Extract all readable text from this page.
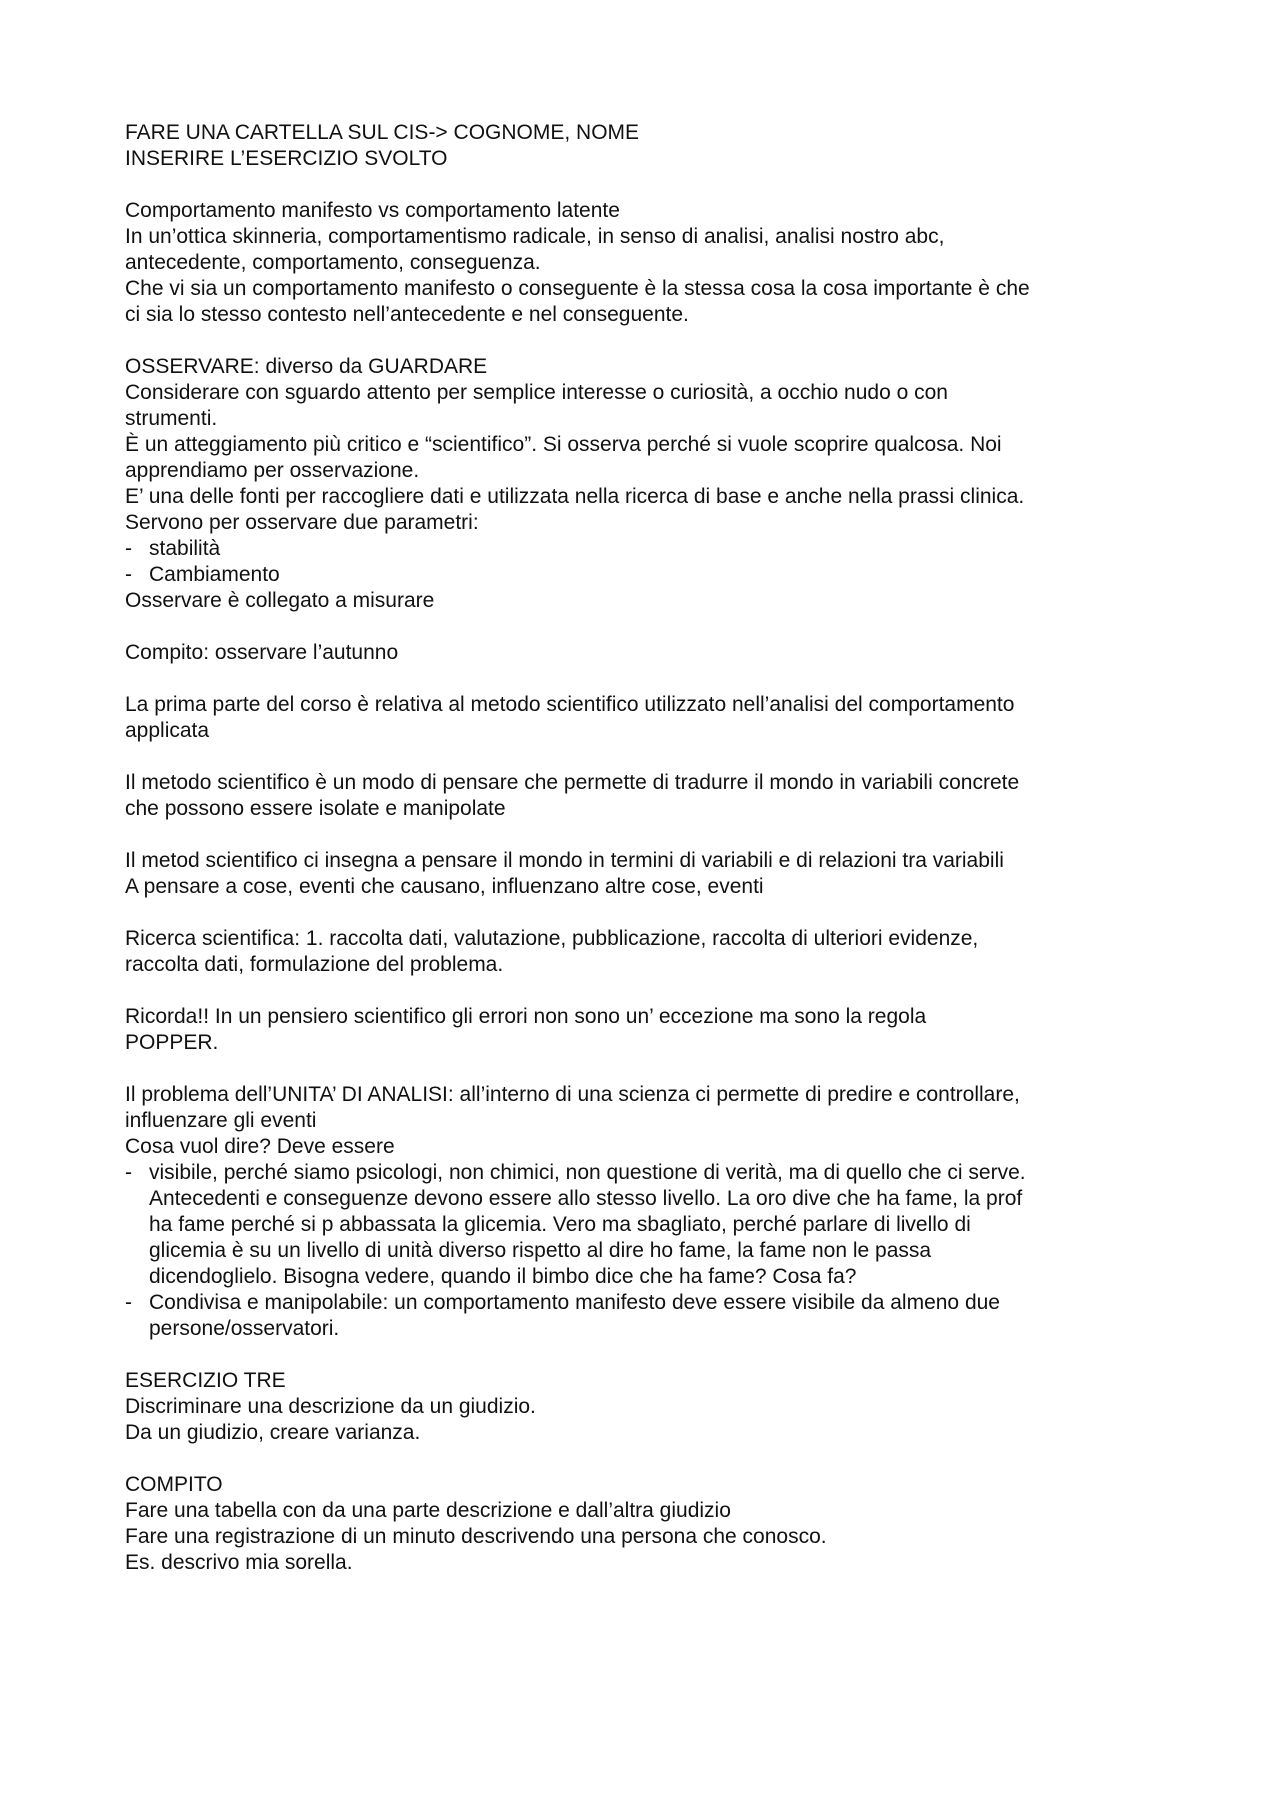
FARE UNA CARTELLA SUL CIS-> COGNOME, NOME
INSERIRE L’ESERCIZIO SVOLTO
Comportamento manifesto vs comportamento latente
In un’ottica skinneria, comportamentismo radicale, in senso di analisi, analisi nostro abc,
antecedente, comportamento, conseguenza.
Che vi sia un comportamento manifesto o conseguente è la stessa cosa la cosa importante è che
ci sia lo stesso contesto nell’antecedente e nel conseguente.
OSSERVARE: diverso da GUARDARE
Considerare con sguardo attento per semplice interesse o curiosità, a occhio nudo o con
strumenti.
È un atteggiamento più critico e “scientifico”. Si osserva perché si vuole scoprire qualcosa. Noi
apprendiamo per osservazione.
E’ una delle fonti per raccogliere dati e utilizzata nella ricerca di base e anche nella prassi clinica.
Servono per osservare due parametri:
- stabilità
- Cambiamento
Osservare è collegato a misurare
Compito: osservare l’autunno
La prima parte del corso è relativa al metodo scientifico utilizzato nell’analisi del comportamento
applicata
Il metodo scientifico è un modo di pensare che permette di tradurre il mondo in variabili concrete
che possono essere isolate e manipolate
Il metod scientifico ci insegna a pensare il mondo in termini di variabili e di relazioni tra variabili
A pensare a cose, eventi che causano, influenzano altre cose, eventi
Ricerca scientifica: 1. raccolta dati, valutazione, pubblicazione, raccolta di ulteriori evidenze,
raccolta dati, formulazione del problema.
Ricorda!! In un pensiero scientifico gli errori non sono un’ eccezione ma sono la regola
POPPER.
Il problema dell’UNITA’ DI ANALISI: all’interno di una scienza ci permette di predire e controllare,
influenzare gli eventi
Cosa vuol dire? Deve essere
- visibile, perché siamo psicologi, non chimici, non questione di verità, ma di quello che ci serve.
Antecedenti e conseguenze devono essere allo stesso livello. La oro dive che ha fame, la prof
ha fame perché si p abbassata la glicemia. Vero ma sbagliato, perché parlare di livello di
glicemia è su un livello di unità diverso rispetto al dire ho fame, la fame non le passa
dicendoglielo. Bisogna vedere, quando il bimbo dice che ha fame? Cosa fa?
- Condivisa e manipolabile: un comportamento manifesto deve essere visibile da almeno due
persone/osservatori.
ESERCIZIO TRE
Discriminare una descrizione da un giudizio.
Da un giudizio, creare varianza.
COMPITO
Fare una tabella con da una parte descrizione e dall’altra giudizio
Fare una registrazione di un minuto descrivendo una persona che conosco.
Es. descrivo mia sorella.
